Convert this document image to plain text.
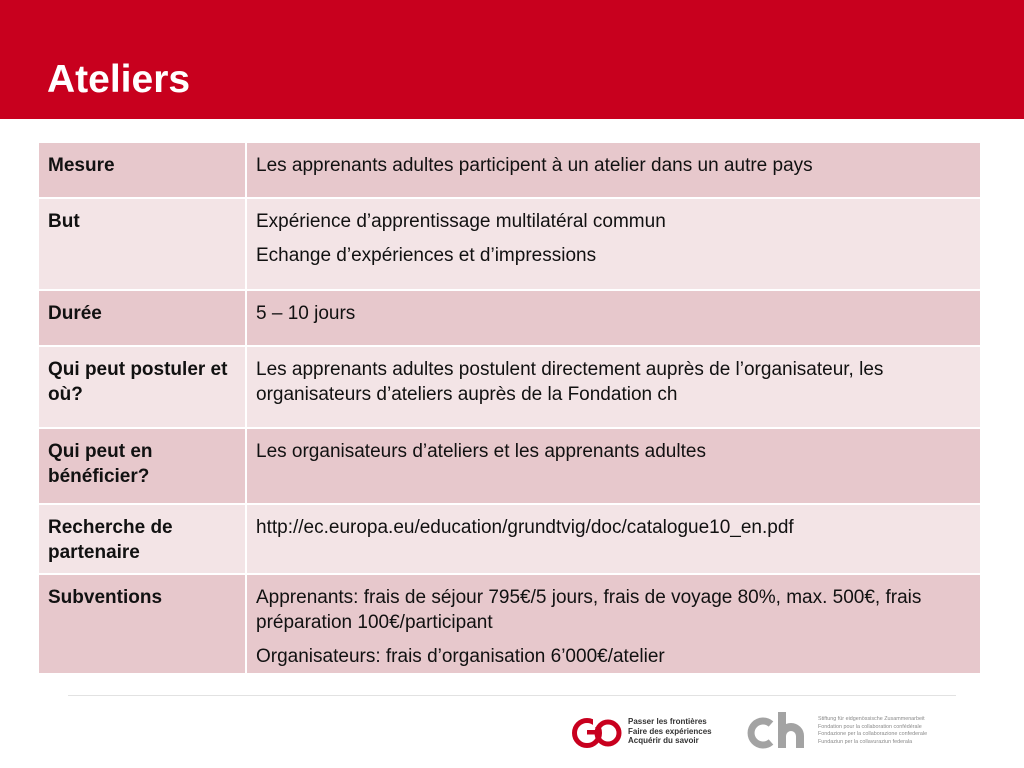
Ateliers
Mesure	Les apprenants adultes participent à un atelier dans un autre pays

But	Expérience d’apprentissage multilatéral commun

Echange d’expériences et d’impressions

Durée	5 – 10 jours

Qui peut postuler et où?	Les apprenants adultes postulent directement auprès de l’organisateur, les organisateurs d’ateliers auprès de la Fondation ch

Qui peut en bénéficier?	Les organisateurs d’ateliers et les apprenants adultes

Recherche de partenaire	http://ec.europa.eu/education/grundtvig/doc/catalogue10_en.pdf

Subventions	Apprenants: frais de séjour 795€/5 jours, frais de voyage 80%, max. 500€, frais préparation 100€/participant

Organisateurs: frais d’organisation 6’000€/atelier

Passer les frontières
Faire des expériences
Acquérir du savoir
Stiftung für eidgenössische Zusammenarbeit
Fondation pour la collaboration confédérale
Fondazione per la collaborazione confederale
Fundaziun per la collavuraziun federala
